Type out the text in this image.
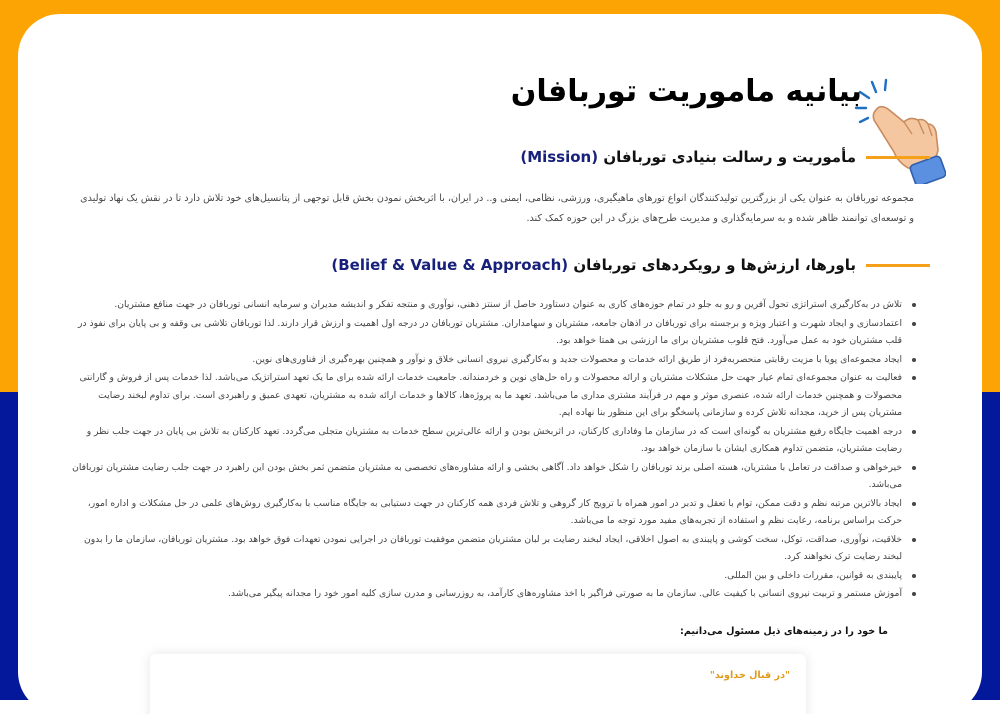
بیانیه ماموریت توربافان
مأموریت و رسالت بنیادی توربافان (Mission)

مجموعه توربافان به عنوان یکی از بزرگترین تولیدکنندگان انواع تورهای ماهیگیری، ورزشی، نظامی، ایمنی و.. در ایران، با اثربخش نمودن بخش قابل توجهی از پتانسیل‌های خود تلاش دارد تا در نقش یک نهاد تولیدی و توسعه‌ای توانمند ظاهر شده و به سرمایه‌گذاری و مدیریت طرح‌های بزرگ در این حوزه کمک کند.

باورها، ارزش‌ها و رویکردهای توربافان (Belief & Value & Approach)
تلاش در به‌کارگیری استراتژی تحول آفرین و رو به جلو در تمام حوزه‌های کاری به عنوان دستاورد حاصل از سنتز ذهنی، نوآوری و منتجه تفکر و اندیشه مدیران و سرمایه انسانی توربافان در جهت منافع مشتریان.
اعتمادسازی و ایجاد شهرت و اعتبار ویژه و برجسته برای توربافان در اذهان جامعه، مشتریان و سهامداران. مشتریان توربافان در درجه اول اهمیت و ارزش قرار دارند. لذا توربافان تلاشی بی وقفه و بی پایان برای نفوذ در قلب مشتریان خود به عمل می‌آورد. فتح قلوب مشتریان برای ما ارزشی بی همتا خواهد بود.
ایجاد مجموعه‌ای پویا با مزیت رقابتی منحصربه‌فرد از طریق ارائه خدمات و محصولات جدید و به‌کارگیری نیروی انسانی خلاق و نوآور و همچنین بهره‌گیری از فناوری‌های نوین.
فعالیت به عنوان مجموعه‌ای تمام عیار جهت حل مشکلات مشتریان و ارائه محصولات و راه حل‌های نوین و خردمندانه. جامعیت خدمات ارائه شده برای ما یک تعهد استراتژیک می‌باشد. لذا خدمات پس از فروش و گارانتی محصولات و همچنین خدمات ارائه شده، عنصری موثر و مهم در فرآیند مشتری مداری ما می‌باشد. تعهد ما به پروژه‌ها، کالاها و خدمات ارائه شده به مشتریان، تعهدی عمیق و راهبردی است. برای تداوم لبخند رضایت مشتریان پس از خرید، مجدانه تلاش کرده و سازمانی پاسخگو برای این منظور بنا نهاده ایم.
درجه اهمیت جایگاه رفیع مشتریان به گونه‌ای است که در سازمان ما وفاداری کارکنان، در اثربخش بودن و ارائه عالی‌ترین سطح خدمات به مشتریان متجلی می‌گردد. تعهد کارکنان به تلاش بی پایان در جهت جلب نظر و رضایت مشتریان، متضمن تداوم همکاری ایشان با سازمان خواهد بود.
خیرخواهی و صداقت در تعامل با مشتریان، هسته اصلی برند توربافان را شکل خواهد داد. آگاهی بخشی و ارائه مشاوره‌های تخصصی به مشتریان متضمن ثمر بخش بودن این راهبرد در جهت جلب رضایت مشتریان توربافان می‌باشد.
ایجاد بالاترین مرتبه نظم و دقت ممکن، توام با تعقل و تدبر در امور همراه با ترویج کار گروهی و تلاش فردی همه کارکنان در جهت دستیابی به جایگاه مناسب با به‌کارگیری روش‌های علمی در حل مشکلات و اداره امور، حرکت براساس برنامه، رعایت نظم و استفاده از تجربه‌های مفید مورد توجه ما می‌باشد.
خلاقیت، نوآوری، صداقت، توکل، سخت کوشی و پایبندی به اصول اخلاقی، ایجاد لبخند رضایت بر لبان مشتریان متضمن موفقیت توربافان در اجرایی نمودن تعهدات فوق خواهد بود. مشتریان توربافان، سازمان ما را بدون لبخند رضایت ترک نخواهند کرد.
پایبندی به قوانین، مقررات داخلی و بین المللی.
آموزش مستمر و تربیت نیروی انسانی با کیفیت عالی. سازمان ما به صورتی فراگیر با اخذ مشاوره‌های کارآمد، به روزرسانی و مدرن سازی کلیه امور خود را مجدانه پیگیر می‌باشد.

ما خود را در زمینه‌های ذیل مسئول می‌دانیم:

"در قبال خداوند"
